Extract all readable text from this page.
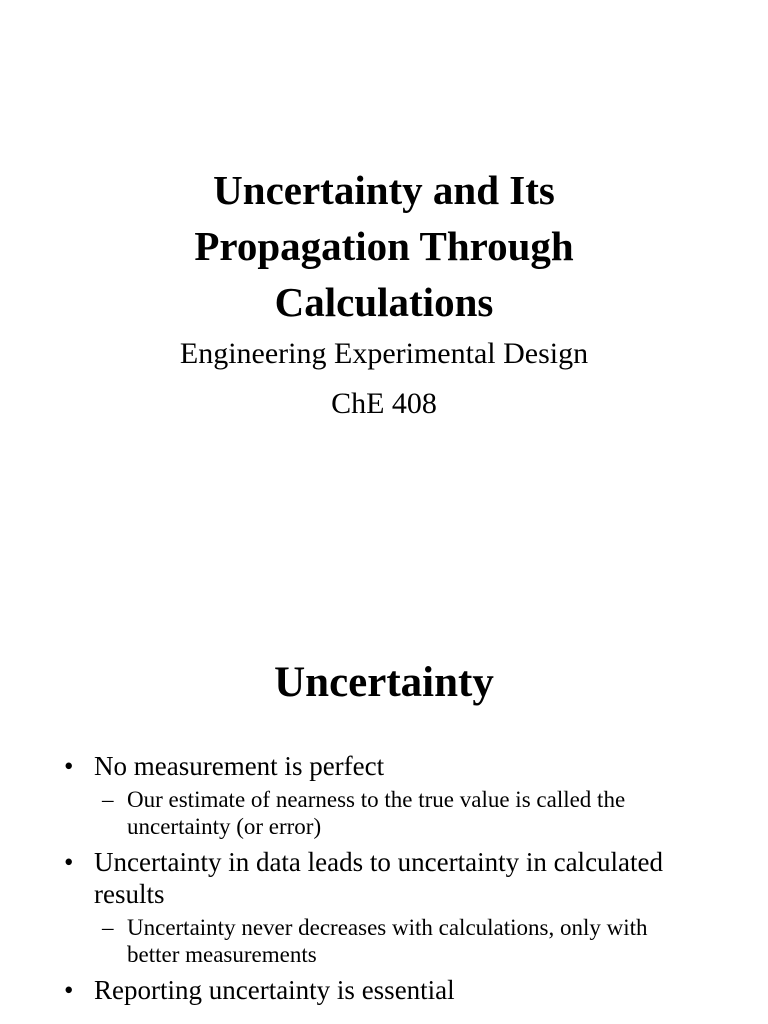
Uncertainty and Its
Propagation Through
Calculations
Engineering Experimental Design
ChE 408
Uncertainty
• No measurement is perfect
– Our estimate of nearness to the true value is called the uncertainty (or error)
• Uncertainty in data leads to uncertainty in calculated results
– Uncertainty never decreases with calculations, only with better measurements
• Reporting uncertainty is essential
